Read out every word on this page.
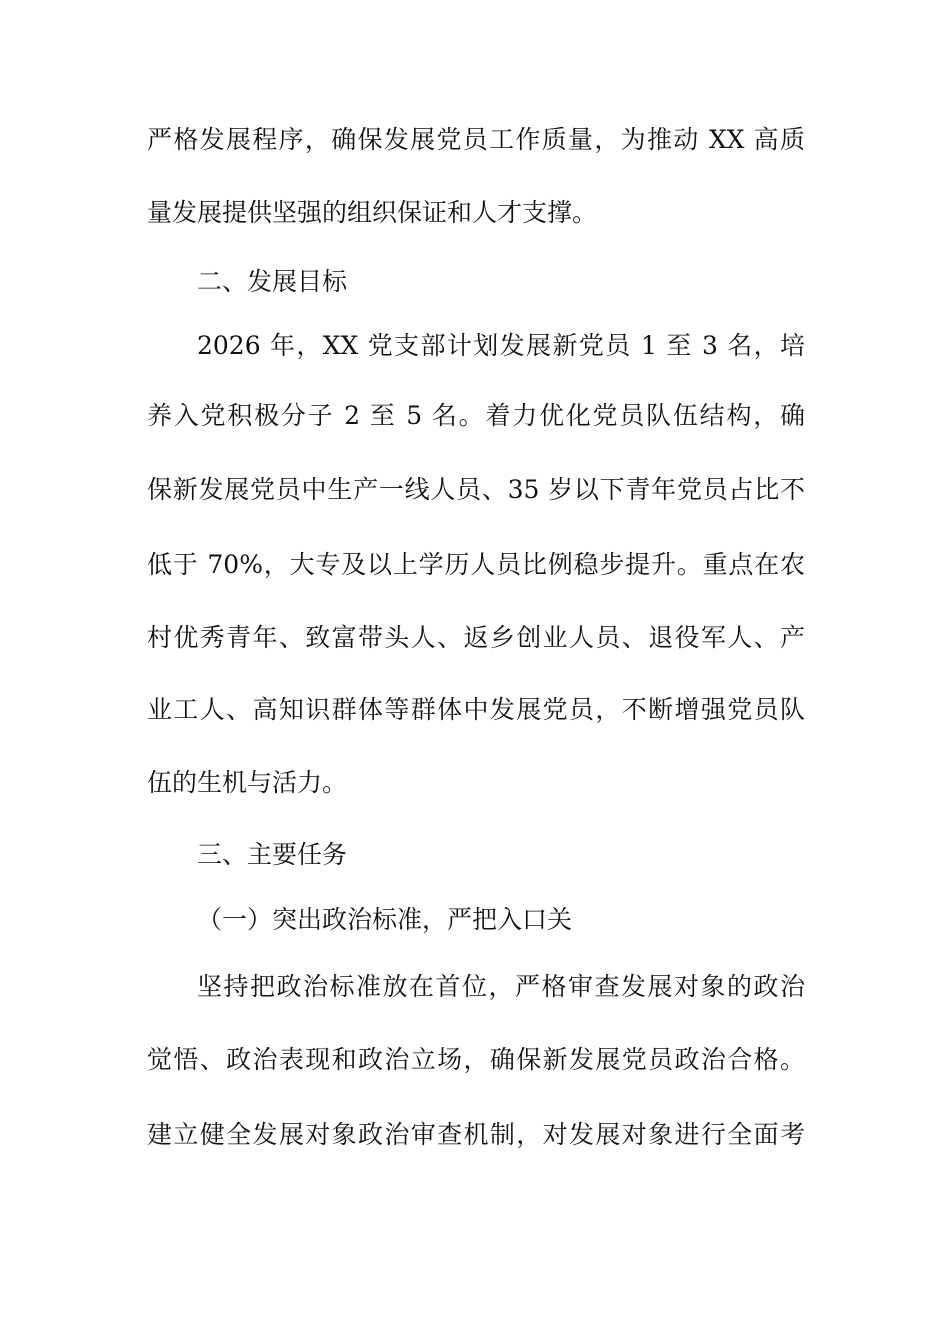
严格发展程序，确保发展党员工作质量，为推动 XX 高质
量发展提供坚强的组织保证和人才支撑。
二、发展目标
2026 年，XX 党支部计划发展新党员 1 至 3 名，培
养入党积极分子 2 至 5 名。着力优化党员队伍结构，确
保新发展党员中生产一线人员、35 岁以下青年党员占比不
低于 70%，大专及以上学历人员比例稳步提升。重点在农
村优秀青年、致富带头人、返乡创业人员、退役军人、产
业工人、高知识群体等群体中发展党员，不断增强党员队
伍的生机与活力。
三、主要任务
（一）突出政治标准，严把入口关
坚持把政治标准放在首位，严格审查发展对象的政治
觉悟、政治表现和政治立场，确保新发展党员政治合格。
建立健全发展对象政治审查机制，对发展对象进行全面考
